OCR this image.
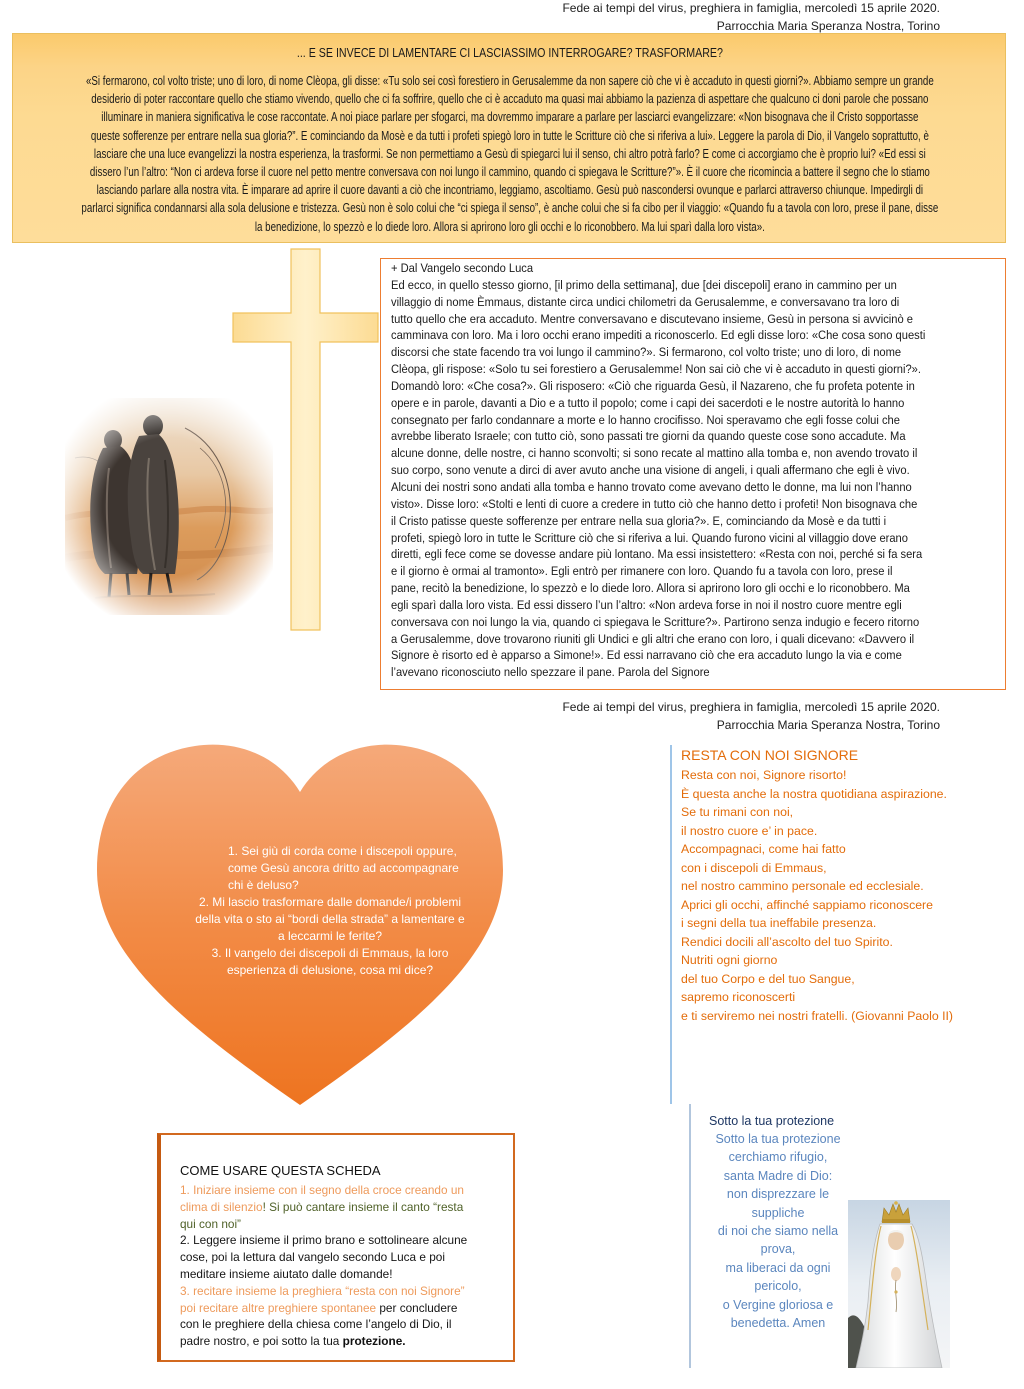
Fede ai tempi del virus, preghiera in famiglia, mercoledì 15 aprile 2020.
Parrocchia Maria Speranza Nostra, Torino
... E SE INVECE DI LAMENTARE CI LASCIASSIMO INTERROGARE? TRASFORMARE?
«Si fermarono, col volto triste; uno di loro, di nome Clèopa, gli disse: «Tu solo sei così forestiero in Gerusalemme da non sapere ciò che vi è accaduto in questi giorni?». Abbiamo sempre un grande
desiderio di poter raccontare quello che stiamo vivendo, quello che ci fa soffrire, quello che ci è accaduto ma quasi mai abbiamo la pazienza di aspettare che qualcuno ci doni parole che possano
illuminare in maniera significativa le cose raccontate. A noi piace parlare per sfogarci, ma dovremmo imparare a parlare per lasciarci evangelizzare: «Non bisognava che il Cristo sopportasse
queste sofferenze per entrare nella sua gloria?”. E cominciando da Mosè e da tutti i profeti spiegò loro in tutte le Scritture ciò che si riferiva a lui». Leggere la parola di Dio, il Vangelo soprattutto, è
lasciare che una luce evangelizzi la nostra esperienza, la trasformi. Se non permettiamo a Gesù di spiegarci lui il senso, chi altro potrà farlo? E come ci accorgiamo che è proprio lui? «Ed essi si
dissero l’un l’altro: “Non ci ardeva forse il cuore nel petto mentre conversava con noi lungo il cammino, quando ci spiegava le Scritture?”». È il cuore che ricomincia a battere il segno che lo stiamo
lasciando parlare alla nostra vita. È imparare ad aprire il cuore davanti a ciò che incontriamo, leggiamo, ascoltiamo. Gesù può nascondersi ovunque e parlarci attraverso chiunque. Impedirgli di
parlarci significa condannarsi alla sola delusione e tristezza. Gesù non è solo colui che “ci spiega il senso”, è anche colui che si fa cibo per il viaggio: «Quando fu a tavola con loro, prese il pane, disse
la benedizione, lo spezzò e lo diede loro. Allora si aprirono loro gli occhi e lo riconobbero. Ma lui sparì dalla loro vista».
+ Dal Vangelo secondo Luca
Ed ecco, in quello stesso giorno, [il primo della settimana], due [dei discepoli] erano in cammino per un
villaggio di nome Èmmaus, distante circa undici chilometri da Gerusalemme, e conversavano tra loro di
tutto quello che era accaduto. Mentre conversavano e discutevano insieme, Gesù in persona si avvicinò e
camminava con loro. Ma i loro occhi erano impediti a riconoscerlo. Ed egli disse loro: «Che cosa sono questi
discorsi che state facendo tra voi lungo il cammino?». Si fermarono, col volto triste; uno di loro, di nome
Clèopa, gli rispose: «Solo tu sei forestiero a Gerusalemme! Non sai ciò che vi è accaduto in questi giorni?».
Domandò loro: «Che cosa?». Gli risposero: «Ciò che riguarda Gesù, il Nazareno, che fu profeta potente in
opere e in parole, davanti a Dio e a tutto il popolo; come i capi dei sacerdoti e le nostre autorità lo hanno
consegnato per farlo condannare a morte e lo hanno crocifisso. Noi speravamo che egli fosse colui che
avrebbe liberato Israele; con tutto ciò, sono passati tre giorni da quando queste cose sono accadute. Ma
alcune donne, delle nostre, ci hanno sconvolti; si sono recate al mattino alla tomba e, non avendo trovato il
suo corpo, sono venute a dirci di aver avuto anche una visione di angeli, i quali affermano che egli è vivo.
Alcuni dei nostri sono andati alla tomba e hanno trovato come avevano detto le donne, ma lui non l’hanno
visto». Disse loro: «Stolti e lenti di cuore a credere in tutto ciò che hanno detto i profeti! Non bisognava che
il Cristo patisse queste sofferenze per entrare nella sua gloria?». E, cominciando da Mosè e da tutti i
profeti, spiegò loro in tutte le Scritture ciò che si riferiva a lui. Quando furono vicini al villaggio dove erano
diretti, egli fece come se dovesse andare più lontano. Ma essi insistettero: «Resta con noi, perché si fa sera
e il giorno è ormai al tramonto». Egli entrò per rimanere con loro. Quando fu a tavola con loro, prese il
pane, recitò la benedizione, lo spezzò e lo diede loro. Allora si aprirono loro gli occhi e lo riconobbero. Ma
egli sparì dalla loro vista. Ed essi dissero l’un l’altro: «Non ardeva forse in noi il nostro cuore mentre egli
conversava con noi lungo la via, quando ci spiegava le Scritture?». Partirono senza indugio e fecero ritorno
a Gerusalemme, dove trovarono riuniti gli Undici e gli altri che erano con loro, i quali dicevano: «Davvero il
Signore è risorto ed è apparso a Simone!». Ed essi narravano ciò che era accaduto lungo la via e come
l’avevano riconosciuto nello spezzare il pane. Parola del Signore
Fede ai tempi del virus, preghiera in famiglia, mercoledì 15 aprile 2020.
Parrocchia Maria Speranza Nostra, Torino
1. Sei giù di corda come i discepoli oppure,
come Gesù ancora dritto ad accompagnare
chi è deluso?
2. Mi lascio trasformare dalle domande/i problemi
della vita o sto ai “bordi della strada” a lamentare e
a leccarmi le ferite?
3. Il vangelo dei discepoli di Emmaus, la loro
esperienza di delusione, cosa mi dice?
RESTA CON NOI SIGNORE
Resta con noi, Signore risorto!
È questa anche la nostra quotidiana aspirazione.
Se tu rimani con noi,
il nostro cuore e’ in pace.
Accompagnaci, come hai fatto
con i discepoli di Emmaus,
nel nostro cammino personale ed ecclesiale.
Aprici gli occhi, affinché sappiamo riconoscere
i segni della tua ineffabile presenza.
Rendici docili all’ascolto del tuo Spirito.
Nutriti ogni giorno
del tuo Corpo e del tuo Sangue,
sapremo riconoscerti
e ti serviremo nei nostri fratelli. (Giovanni Paolo II)
COME USARE QUESTA SCHEDA
1. Iniziare insieme con il segno della croce creando un
clima di silenzio! Si può cantare insieme il canto “resta
qui con noi”
2. Leggere insieme il primo brano e sottolineare alcune
cose, poi la lettura dal vangelo secondo Luca e poi
meditare insieme aiutato dalle domande!
3. recitare insieme la preghiera “resta con noi Signore”
poi recitare altre preghiere spontanee per concludere
con le preghiere della chiesa come l’angelo di Dio, il
padre nostro, e poi sotto la tua protezione.
Sotto la tua protezione
Sotto la tua protezione
cerchiamo rifugio,
santa Madre di Dio:
non disprezzare le
suppliche
di noi che siamo nella
prova,
ma liberaci da ogni
pericolo,
o Vergine gloriosa e
benedetta. Amen
